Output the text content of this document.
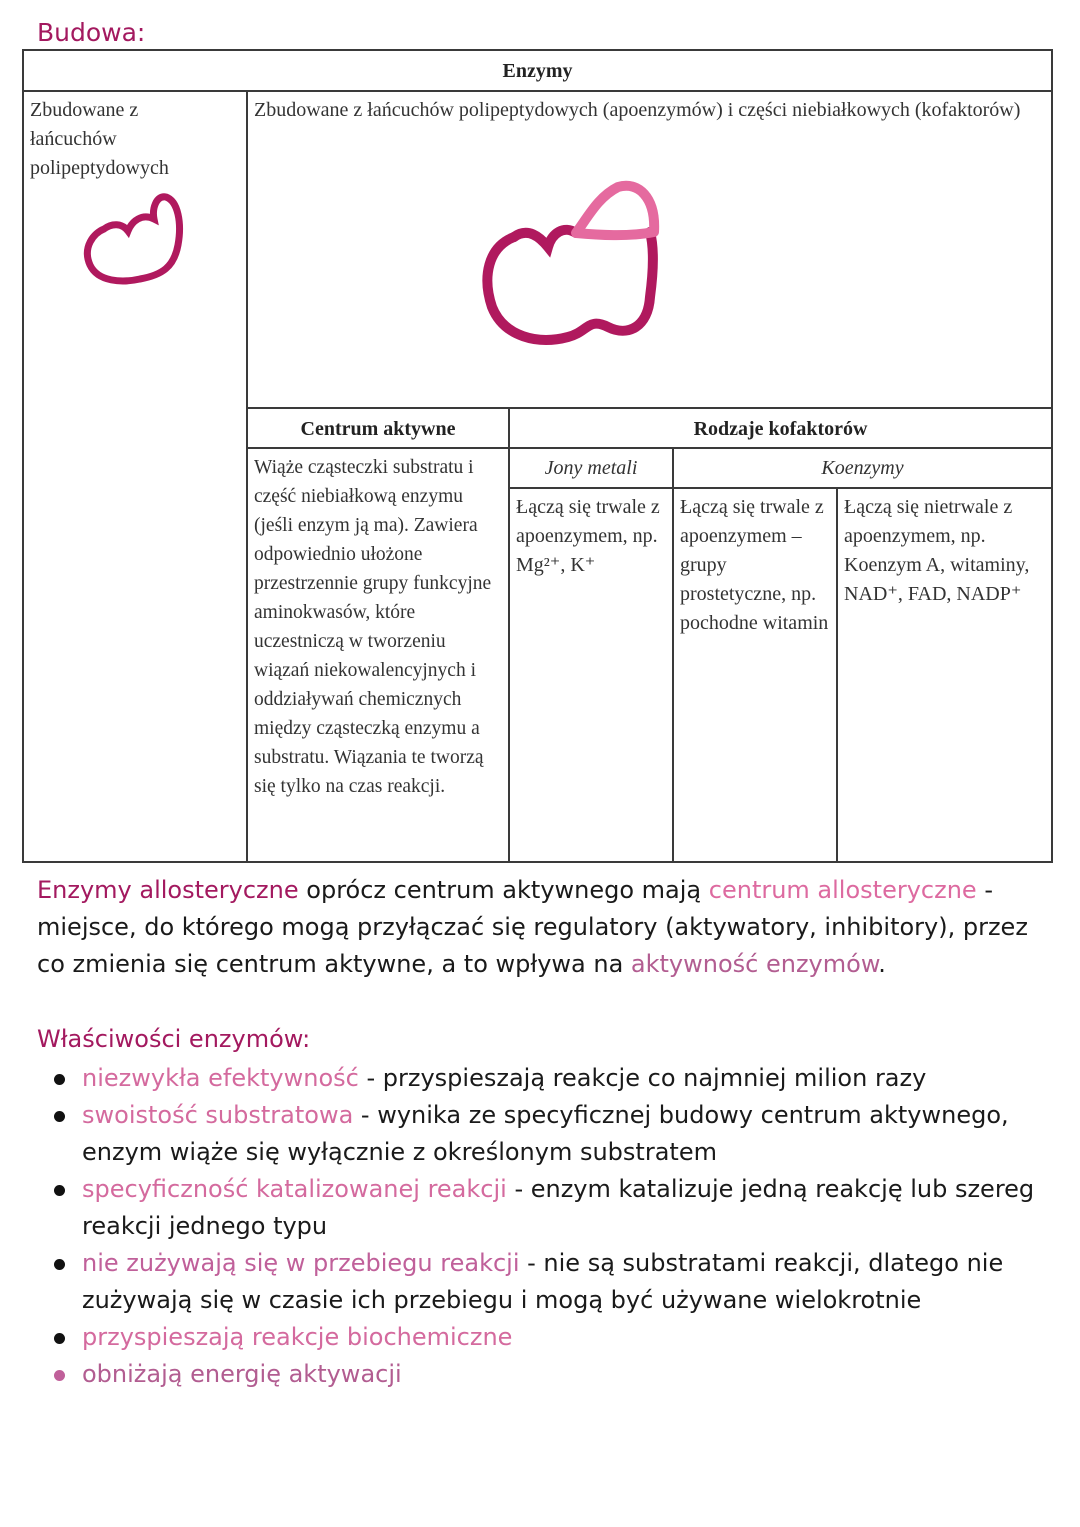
Budowa:
Enzymy
Zbudowane z łańcuchów polipeptydowych
Zbudowane z łańcuchów polipeptydowych (apoenzymów) i części niebiałkowych (kofaktorów)
Centrum aktywne	Rodzaje kofaktorów
Wiąże cząsteczki substratu i część niebiałkową enzymu (jeśli enzym ją ma). Zawiera odpowiednio ułożone przestrzennie grupy funkcyjne aminokwasów, które uczestniczą w tworzeniu wiązań niekowalencyjnych i oddziaływań chemicznych między cząsteczką enzymu a substratu. Wiązania te tworzą się tylko na czas reakcji.
Jony metali	Koenzymy
Łączą się trwale z apoenzymem, np. Mg²⁺, K⁺
Łączą się trwale z apoenzymem – grupy prostetyczne, np. pochodne witamin
Łączą się nietrwale z apoenzymem, np. Koenzym A, witaminy, NAD⁺, FAD, NADP⁺
Enzymy allosteryczne oprócz centrum aktywnego mają centrum allosteryczne - miejsce, do którego mogą przyłączać się regulatory (aktywatory, inhibitory), przez co zmienia się centrum aktywne, a to wpływa na aktywność enzymów.
Właściwości enzymów:
niezwykła efektywność - przyspieszają reakcje co najmniej milion razy
swoistość substratowa - wynika ze specyficznej budowy centrum aktywnego, enzym wiąże się wyłącznie z określonym substratem
specyficzność katalizowanej reakcji - enzym katalizuje jedną reakcję lub szereg reakcji jednego typu
nie zużywają się w przebiegu reakcji - nie są substratami reakcji, dlatego nie zużywają się w czasie ich przebiegu i mogą być używane wielokrotnie
przyspieszają reakcje biochemiczne
obniżają energię aktywacji
